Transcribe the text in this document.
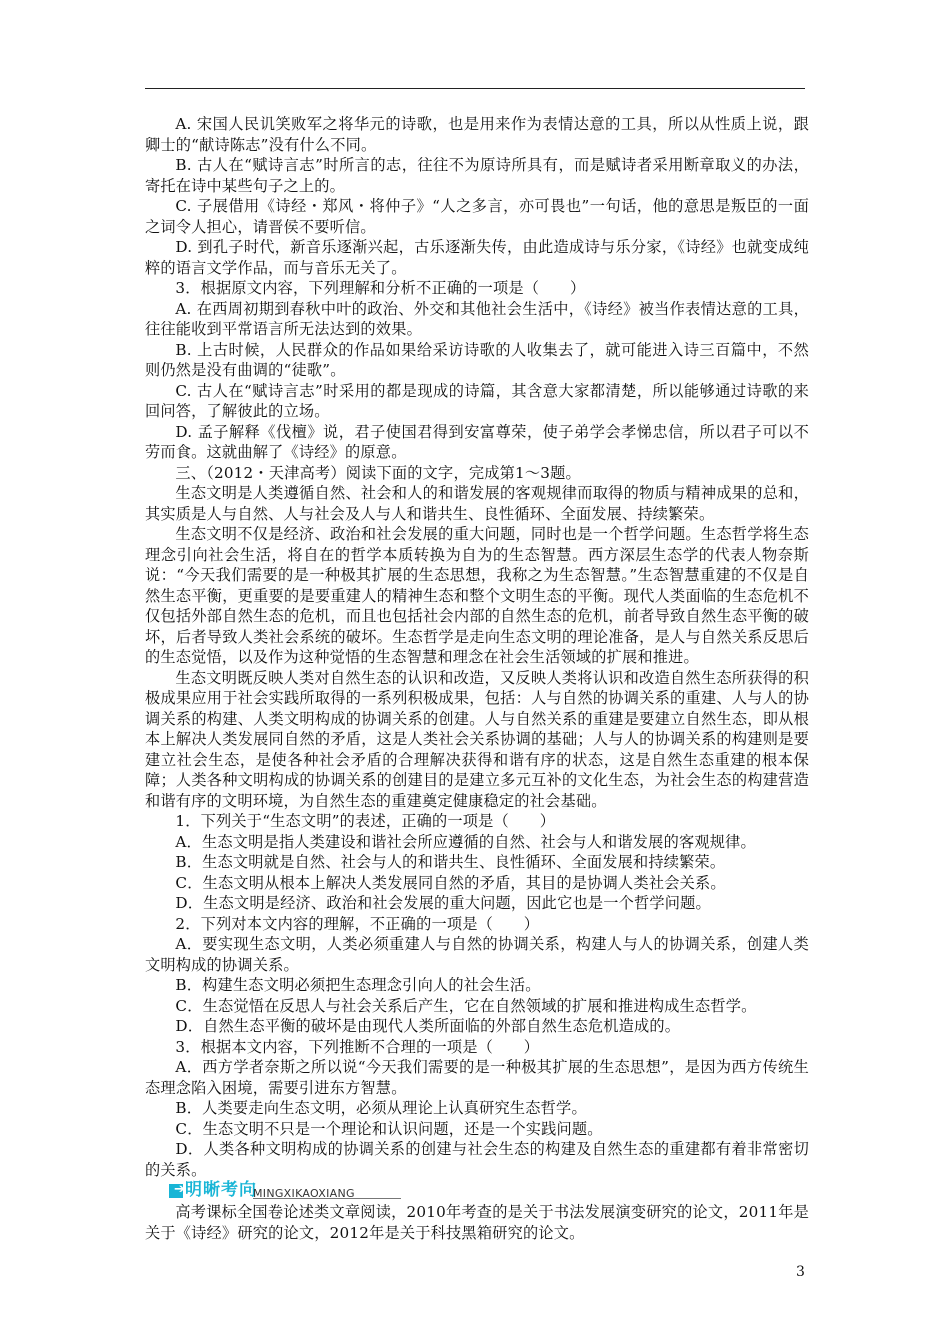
A. 宋国人民讥笑败军之将华元的诗歌，也是用来作为表情达意的工具，所以从性质上说，跟卿士的“献诗陈志”没有什么不同。

B. 古人在“赋诗言志”时所言的志，往往不为原诗所具有，而是赋诗者采用断章取义的办法，寄托在诗中某些句子之上的。

C. 子展借用《诗经・郑风・将仲子》“人之多言，亦可畏也”一句话，他的意思是叛臣的一面之词令人担心，请晋侯不要听信。

D. 到孔子时代，新音乐逐渐兴起，古乐逐渐失传，由此造成诗与乐分家，《诗经》也就变成纯粹的语言文学作品，而与音乐无关了。

3．根据原文内容，下列理解和分析不正确的一项是（　　）

A. 在西周初期到春秋中叶的政治、外交和其他社会生活中，《诗经》被当作表情达意的工具，往往能收到平常语言所无法达到的效果。

B. 上古时候，人民群众的作品如果给采访诗歌的人收集去了，就可能进入诗三百篇中，不然则仍然是没有曲调的“徒歌”。

C. 古人在“赋诗言志”时采用的都是现成的诗篇，其含意大家都清楚，所以能够通过诗歌的来回问答，了解彼此的立场。

D. 孟子解释《伐檀》说，君子使国君得到安富尊荣，使子弟学会孝悌忠信，所以君子可以不劳而食。这就曲解了《诗经》的原意。

三、（2012・天津高考）阅读下面的文字，完成第1～3题。

生态文明是人类遵循自然、社会和人的和谐发展的客观规律而取得的物质与精神成果的总和，其实质是人与自然、人与社会及人与人和谐共生、良性循环、全面发展、持续繁荣。

生态文明不仅是经济、政治和社会发展的重大问题，同时也是一个哲学问题。生态哲学将生态理念引向社会生活，将自在的哲学本质转换为自为的生态智慧。西方深层生态学的代表人物奈斯说：“今天我们需要的是一种极其扩展的生态思想，我称之为生态智慧。”生态智慧重建的不仅是自然生态平衡，更重要的是要重建人的精神生态和整个文明生态的平衡。现代人类面临的生态危机不仅包括外部自然生态的危机，而且也包括社会内部的自然生态的危机，前者导致自然生态平衡的破坏，后者导致人类社会系统的破坏。生态哲学是走向生态文明的理论准备，是人与自然关系反思后的生态觉悟，以及作为这种觉悟的生态智慧和理念在社会生活领域的扩展和推进。

生态文明既反映人类对自然生态的认识和改造，又反映人类将认识和改造自然生态所获得的积极成果应用于社会实践所取得的一系列积极成果，包括：人与自然的协调关系的重建、人与人的协调关系的构建、人类文明构成的协调关系的创建。人与自然关系的重建是要建立自然生态，即从根本上解决人类发展同自然的矛盾，这是人类社会关系协调的基础；人与人的协调关系的构建则是要建立社会生态，是使各种社会矛盾的合理解决获得和谐有序的状态，这是自然生态重建的根本保障；人类各种文明构成的协调关系的创建目的是建立多元互补的文化生态，为社会生态的构建营造和谐有序的文明环境，为自然生态的重建奠定健康稳定的社会基础。

1．下列关于“生态文明”的表述，正确的一项是（　　）

A．生态文明是指人类建设和谐社会所应遵循的自然、社会与人和谐发展的客观规律。

B．生态文明就是自然、社会与人的和谐共生、良性循环、全面发展和持续繁荣。

C．生态文明从根本上解决人类发展同自然的矛盾，其目的是协调人类社会关系。

D．生态文明是经济、政治和社会发展的重大问题，因此它也是一个哲学问题。

2．下列对本文内容的理解，不正确的一项是（　　）

A．要实现生态文明，人类必须重建人与自然的协调关系，构建人与人的协调关系，创建人类文明构成的协调关系。

B．构建生态文明必须把生态理念引向人的社会生活。

C．生态觉悟在反思人与社会关系后产生，它在自然领域的扩展和推进构成生态哲学。

D．自然生态平衡的破坏是由现代人类所面临的外部自然生态危机造成的。

3．根据本文内容，下列推断不合理的一项是（　　）

A．西方学者奈斯之所以说“今天我们需要的是一种极其扩展的生态思想”，是因为西方传统生态理念陷入困境，需要引进东方智慧。

B．人类要走向生态文明，必须从理论上认真研究生态哲学。

C．生态文明不只是一个理论和认识问题，还是一个实践问题。

D．人类各种文明构成的协调关系的创建与社会生态的构建及自然生态的重建都有着非常密切的关系。

➔ 明晰考向
MINGXIKAOXIANG

高考课标全国卷论述类文章阅读，2010年考查的是关于书法发展演变研究的论文，2011年是关于《诗经》研究的论文，2012年是关于科技黑箱研究的论文。

3
